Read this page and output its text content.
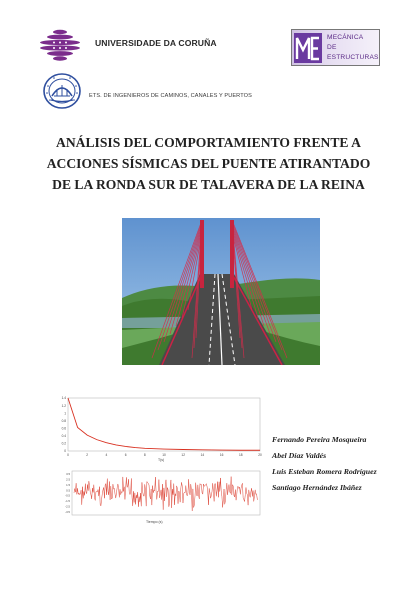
UNIVERSIDADE DA CORUÑA
ETS. DE INGENIEROS DE CAMINOS, CANALES Y PUERTOS
MECÁNICA
DE
ESTRUCTURAS
ANÁLISIS DEL COMPORTAMIENTO FRENTE A
ACCIONES SÍSMICAS DEL PUENTE ATIRANTADO
DE LA RONDA SUR DE TALAVERA DE LA REINA
1.4
1.2
1
0.8
0.6
0.4
0.2
0
0	2	4	6	8	10	12	14	16	18	20
T(s)
3.5
2.5
1.5
0.5
-0.5
-1.5
-2.5
-3.5
Tiempo (s)
Fernando Pereira Mosqueira
Abel Díaz Valdés
Luis Esteban Romera Rodríguez
Santiago Hernández Ibáñez
